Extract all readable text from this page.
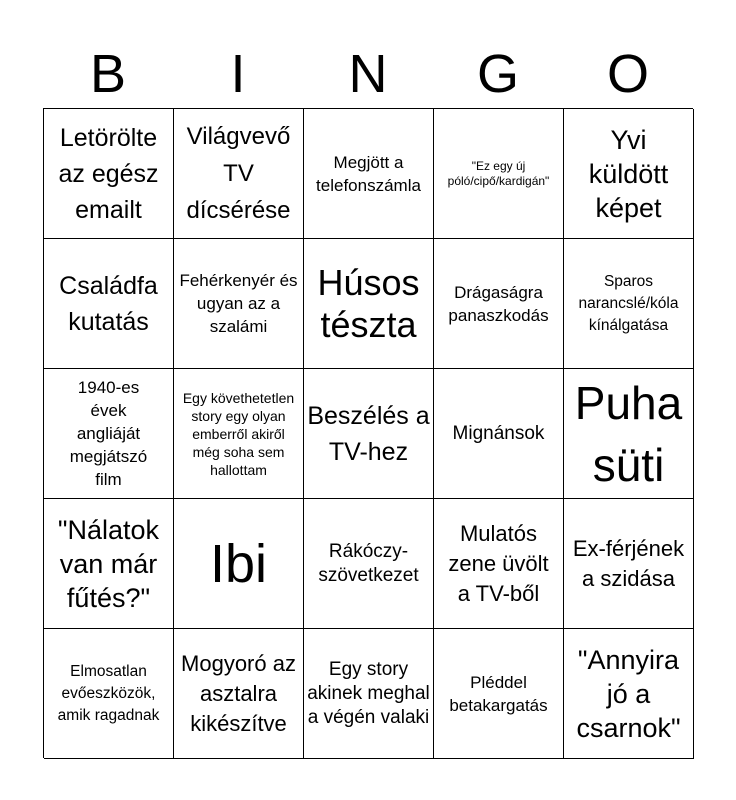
B	I	N	G	O
Letörölte az egész emailt
Világvevő TV dícsérése
Megjött a telefonszámla
"Ez egy új póló/cipő/kardigán"
Yvi küldött képet
Családfa kutatás
Fehérkenyér és ugyan az a szalámi
Húsos tészta
Drágaságra panaszkodás
Sparos narancslé/kóla kínálgatása
1940-es évek angliáját megjátszó film
Egy követhetetlen story egy olyan emberről akiről még soha sem hallottam
Beszélés a TV-hez
Mignánsok
Puha süti
"Nálatok van már fűtés?"
Ibi	Rákóczy-szövetkezet
Mulatós zene üvölt a TV-ből
Ex-férjének a szidása
Elmosatlan evőeszközök, amik ragadnak
Mogyoró az asztalra kikészítve
Egy story akinek meghal a végén valaki
Pléddel betakargatás
"Annyira jó a csarnok"
